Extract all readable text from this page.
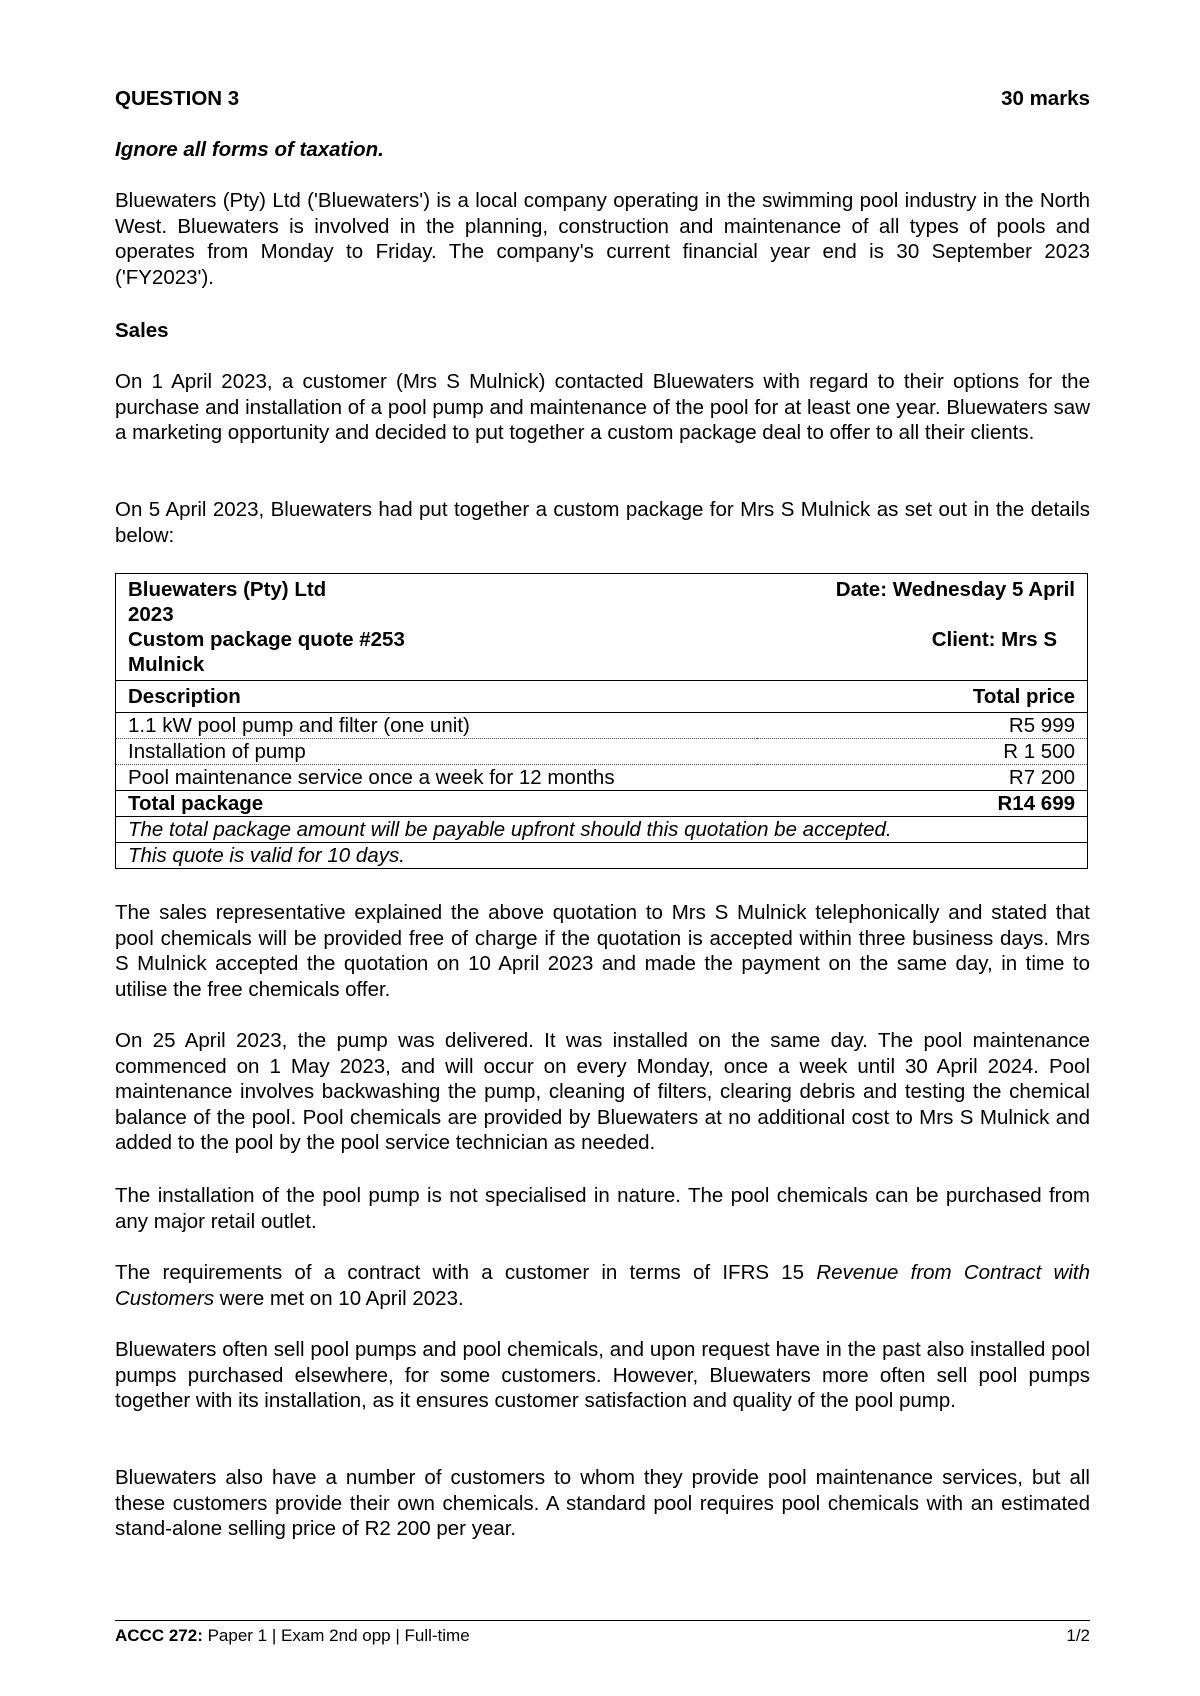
QUESTION 3	30 marks

Ignore all forms of taxation.

Bluewaters (Pty) Ltd ('Bluewaters') is a local company operating in the swimming pool industry in the North West. Bluewaters is involved in the planning, construction and maintenance of all types of pools and operates from Monday to Friday. The company's current financial year end is 30 September 2023 ('FY2023').

Sales

On 1 April 2023, a customer (Mrs S Mulnick) contacted Bluewaters with regard to their options for the purchase and installation of a pool pump and maintenance of the pool for at least one year. Bluewaters saw a marketing opportunity and decided to put together a custom package deal to offer to all their clients.

On 5 April 2023, Bluewaters had put together a custom package for Mrs S Mulnick as set out in the details below:

Bluewaters (Pty) Ltd	Date: Wednesday 5 April
2023	
Custom package quote #253	Client: Mrs S
Mulnick	
Description	Total price
1.1 kW pool pump and filter (one unit)	R5 999
Installation of pump	R 1 500
Pool maintenance service once a week for 12 months	R7 200
Total package	R14 699
The total package amount will be payable upfront should this quotation be accepted.	
This quote is valid for 10 days.	

The sales representative explained the above quotation to Mrs S Mulnick telephonically and stated that pool chemicals will be provided free of charge if the quotation is accepted within three business days. Mrs S Mulnick accepted the quotation on 10 April 2023 and made the payment on the same day, in time to utilise the free chemicals offer.

On 25 April 2023, the pump was delivered. It was installed on the same day. The pool maintenance commenced on 1 May 2023, and will occur on every Monday, once a week until 30 April 2024. Pool maintenance involves backwashing the pump, cleaning of filters, clearing debris and testing the chemical balance of the pool. Pool chemicals are provided by Bluewaters at no additional cost to Mrs S Mulnick and added to the pool by the pool service technician as needed.

The installation of the pool pump is not specialised in nature. The pool chemicals can be purchased from any major retail outlet.

The requirements of a contract with a customer in terms of IFRS 15 Revenue from Contract with Customers were met on 10 April 2023.

Bluewaters often sell pool pumps and pool chemicals, and upon request have in the past also installed pool pumps purchased elsewhere, for some customers. However, Bluewaters more often sell pool pumps together with its installation, as it ensures customer satisfaction and quality of the pool pump.

Bluewaters also have a number of customers to whom they provide pool maintenance services, but all these customers provide their own chemicals. A standard pool requires pool chemicals with an estimated stand-alone selling price of R2 200 per year.

ACCC 272: Paper 1 | Exam 2nd opp | Full-time	1/2
